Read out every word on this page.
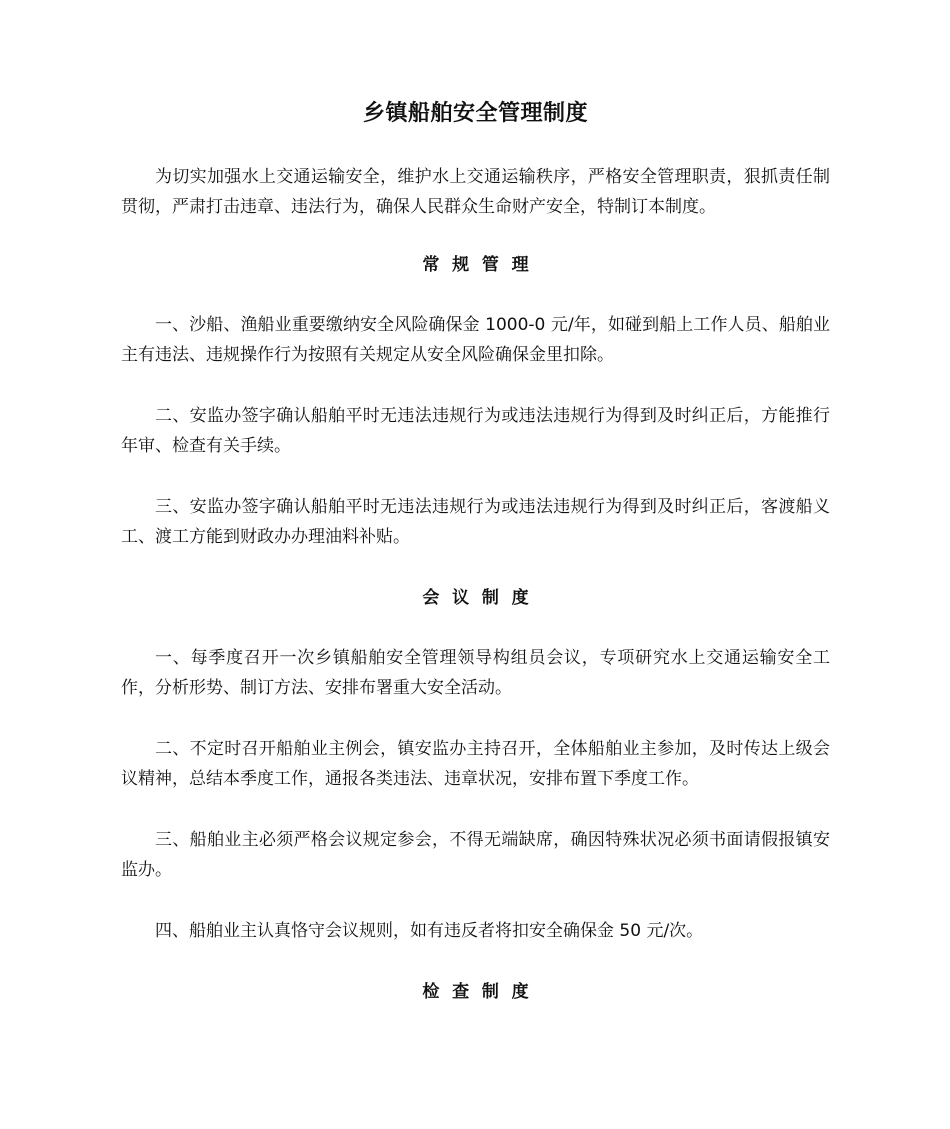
乡镇船舶安全管理制度

为切实加强水上交通运输安全，维护水上交通运输秩序，严格安全管理职责，狠抓责任制贯彻，严肃打击违章、违法行为，确保人民群众生命财产安全，特制订本制度。

常规管理

一、沙船、渔船业重要缴纳安全风险确保金 1000-0 元/年，如碰到船上工作人员、船舶业主有违法、违规操作行为按照有关规定从安全风险确保金里扣除。

二、安监办签字确认船舶平时无违法违规行为或违法违规行为得到及时纠正后，方能推行年审、检查有关手续。

三、安监办签字确认船舶平时无违法违规行为或违法违规行为得到及时纠正后，客渡船义工、渡工方能到财政办办理油料补贴。

会议制度

一、每季度召开一次乡镇船舶安全管理领导构组员会议，专项研究水上交通运输安全工作，分析形势、制订方法、安排布署重大安全活动。

二、不定时召开船舶业主例会，镇安监办主持召开，全体船舶业主参加，及时传达上级会议精神，总结本季度工作，通报各类违法、违章状况，安排布置下季度工作。

三、船舶业主必须严格会议规定参会，不得无端缺席，确因特殊状况必须书面请假报镇安监办。

四、船舶业主认真恪守会议规则，如有违反者将扣安全确保金 50 元/次。

检查制度
